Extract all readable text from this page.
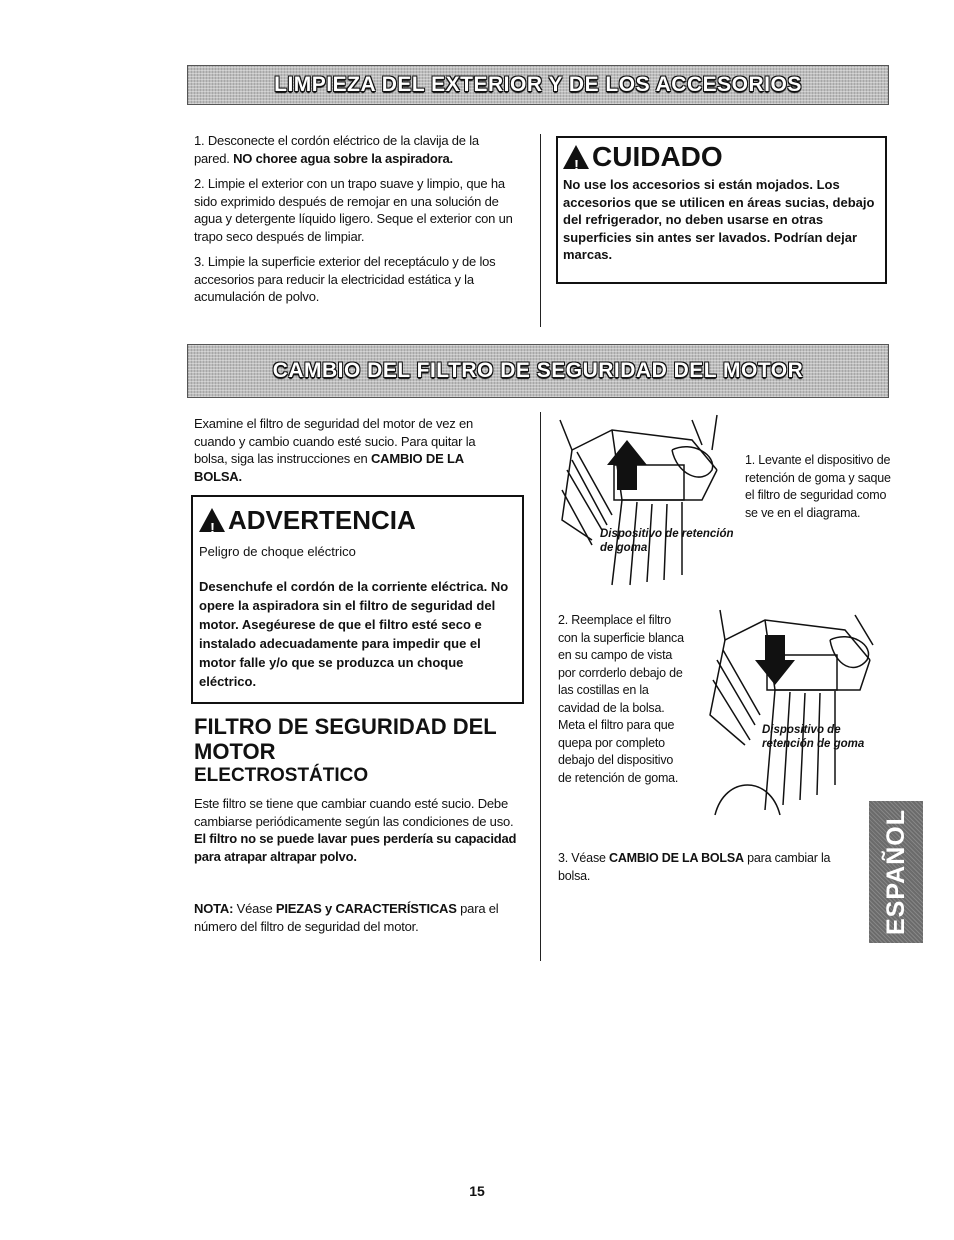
LIMPIEZA DEL EXTERIOR Y DE LOS ACCESORIOS

1. Desconecte el cordón eléctrico de la clavija de la pared. NO choree agua sobre la aspiradora.

2. Limpie el exterior con un trapo suave y limpio, que ha sido exprimido después de remojar en una solución de agua y detergente líquido ligero. Seque el exterior con un trapo seco después de limpiar.

3. Limpie la superficie exterior del receptáculo y de los accesorios para reducir la electricidad estática y la acumulación de polvo.

! CUIDADO
No use los accesorios si están mojados. Los accesorios que se utilicen en áreas sucias, debajo del refrigerador, no deben usarse en otras superficies sin antes ser lavados. Podrían dejar marcas.
CAMBIO DEL FILTRO DE SEGURIDAD DEL MOTOR
Examine el filtro de seguridad del motor de vez en cuando y cambio cuando esté sucio. Para quitar la bolsa, siga las instrucciones en CAMBIO DE LA BOLSA.
! ADVERTENCIA
Peligro de choque eléctrico
Desenchufe el cordón de la corriente eléctrica. No opere la aspiradora sin el filtro de seguridad del motor. Asegéurese de que el filtro esté seco e instalado adecuadamente para impedir que el motor falle y/o que se produzca un choque eléctrico.
FILTRO DE SEGURIDAD DEL MOTOR
ELECTROSTÁTICO
Este filtro se tiene que cambiar cuando esté sucio. Debe cambiarse periódicamente según las condiciones de uso. El filtro no se puede lavar pues perdería su capacidad para atrapar altrapar polvo.
NOTA: Véase PIEZAS y CARACTERÍSTICAS para el número del filtro de seguridad del motor.
Dispositivo de retención de goma
1. Levante el dispositivo de retención de goma y saque el filtro de seguridad como se ve en el diagrama.
2. Reemplace el filtro con la superficie blanca en su campo de vista por corrderlo debajo de las costillas en la cavidad de la bolsa. Meta el filtro para que quepa por completo debajo del dispositivo de retención de goma.
Dispositivo de retención de goma
3. Véase CAMBIO DE LA BOLSA para cambiar la bolsa.	ESPAÑOL
15
